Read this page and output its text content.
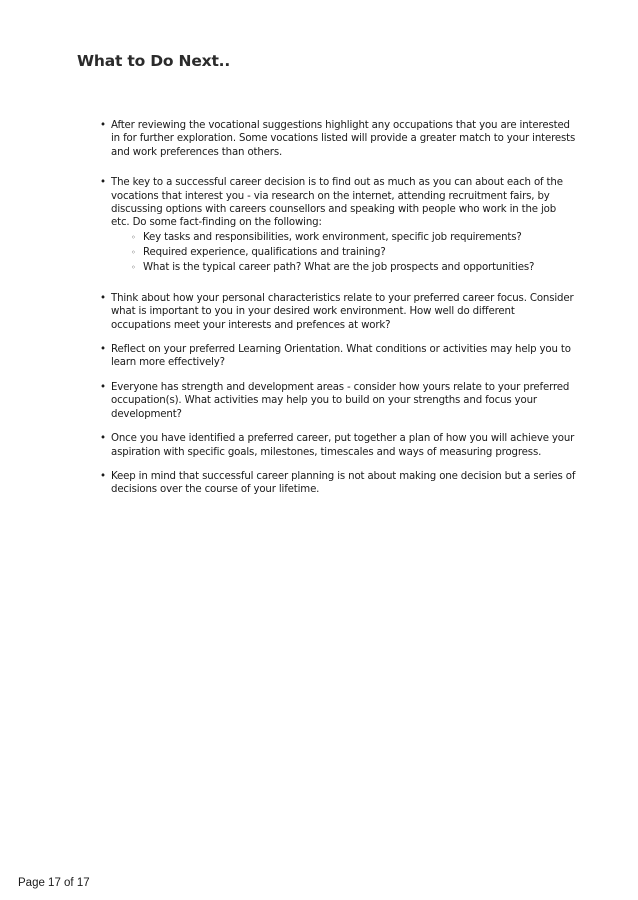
What to Do Next..
• After reviewing the vocational suggestions highlight any occupations that you are interested in for further exploration. Some vocations listed will provide a greater match to your interests and work preferences than others.
• The key to a successful career decision is to find out as much as you can about each of the vocations that interest you - via research on the internet, attending recruitment fairs, by discussing options with careers counsellors and speaking with people who work in the job etc. Do some fact-finding on the following:
◦ Key tasks and responsibilities, work environment, specific job requirements?
◦ Required experience, qualifications and training?
◦ What is the typical career path? What are the job prospects and opportunities?
• Think about how your personal characteristics relate to your preferred career focus. Consider what is important to you in your desired work environment. How well do different occupations meet your interests and prefences at work?
• Reflect on your preferred Learning Orientation. What conditions or activities may help you to learn more effectively?
• Everyone has strength and development areas - consider how yours relate to your preferred occupation(s). What activities may help you to build on your strengths and focus your development?
• Once you have identified a preferred career, put together a plan of how you will achieve your aspiration with specific goals, milestones, timescales and ways of measuring progress.
• Keep in mind that successful career planning is not about making one decision but a series of decisions over the course of your lifetime.
Page 17 of 17
